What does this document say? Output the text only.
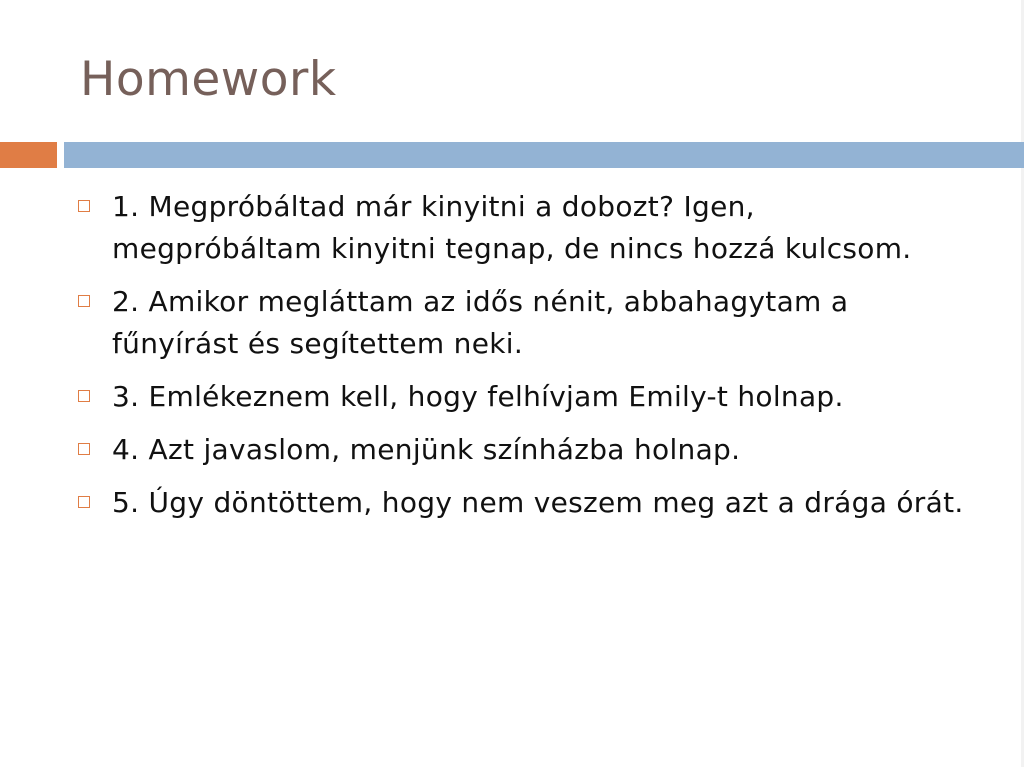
Homework
1. Megpróbáltad már kinyitni a dobozt? Igen, megpróbáltam kinyitni tegnap, de nincs hozzá kulcsom.
2. Amikor megláttam az idős nénit, abbahagytam a fűnyírást és segítettem neki.
3. Emlékeznem kell, hogy felhívjam Emily-t holnap.
4. Azt javaslom, menjünk színházba holnap.
5. Úgy döntöttem, hogy nem veszem meg azt a drága órát.
